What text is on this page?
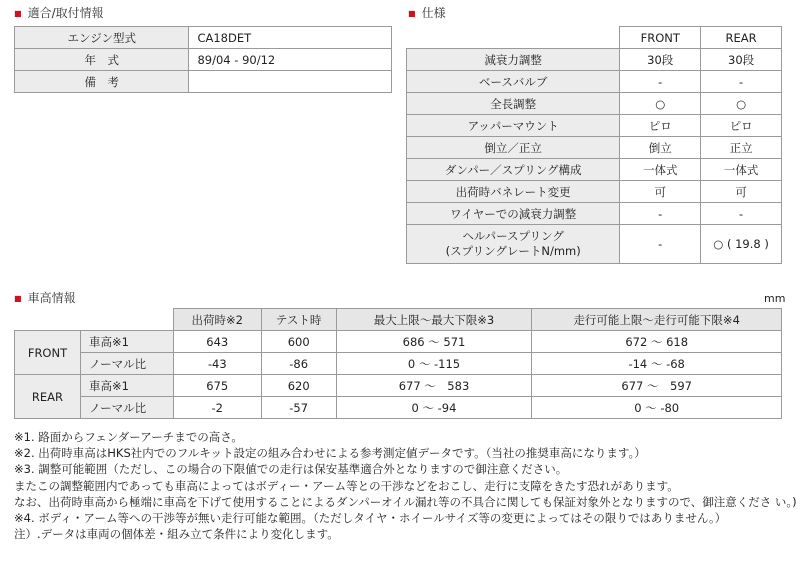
■ 適合/取付情報
エンジン型式	CA18DET
年　式	89/04 - 90/12
備　考	
■ 仕様
	FRONT	REAR
減衰力調整	30段	30段
ベースバルブ	-	-
全長調整	○	○
アッパーマウント	ピロ	ピロ
倒立／正立	倒立	正立
ダンパー／スプリング構成	一体式	一体式
出荷時バネレート変更	可	可
ワイヤーでの減衰力調整	-	-

ヘルパースプリング
(スプリングレートN/mm)	-	○ ( 19.8 )
■ 車高情報	mm
		出荷時※2	テスト時	最大上限～最大下限※3	走行可能上限～走行可能下限※4
FRONT	車高※1	643	600	686 ～ 571	672 ～ 618
	ノーマル比	-43	-86	0 ～ -115	-14 ～ -68
REAR	車高※1	675	620	677 ～　583	677 ～　597
	ノーマル比	-2	-57	0 ～ -94	0 ～ -80
※1. 路面からフェンダーアーチまでの高さ。
※2. 出荷時車高はHKS社内でのフルキット設定の組み合わせによる参考測定値データです。（当社の推奨車高になります。）
※3. 調整可能範囲（ただし、この場合の下限値での走行は保安基準適合外となりますので御注意ください。
またこの調整範囲内であっても車高によってはボディー・アーム等との干渉などをおこし、走行に支障をきたす恐れがあります。
なお、出荷時車高から極端に車高を下げて使用することによるダンパーオイル漏れ等の不具合に関しても保証対象外となりますので、御注意くださ い。)
※4. ボディ・アーム等への干渉等が無い走行可能な範囲。（ただしタイヤ・ホイールサイズ等の変更によってはその限りではありません。）
注）.データは車両の個体差・組み立て条件により変化します。
